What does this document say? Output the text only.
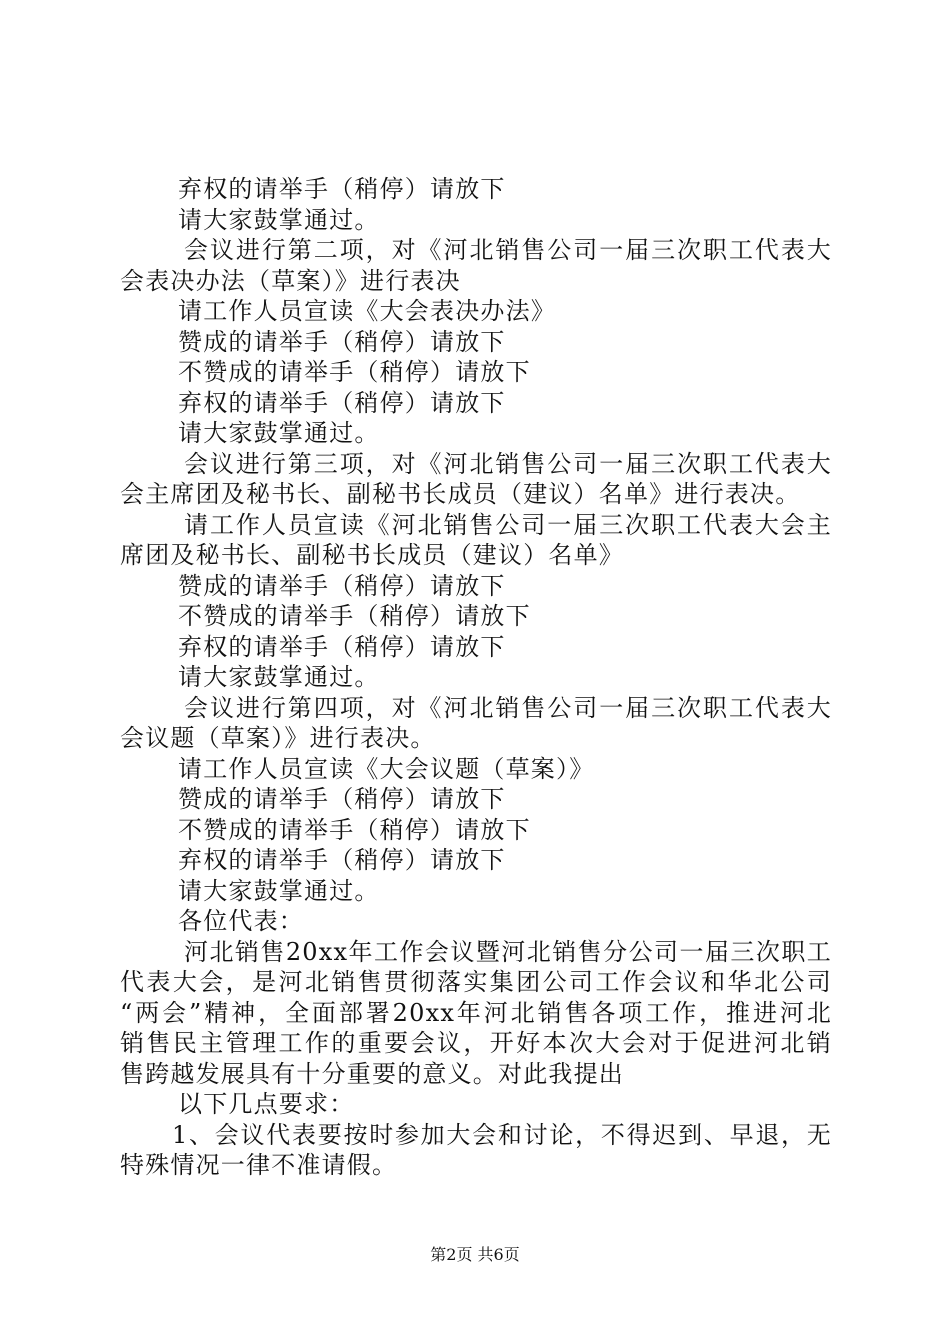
弃权的请举手（稍停）请放下
请大家鼓掌通过。
会议进行第二项，对《河北销售公司一届三次职工代表大
会表决办法（草案）》进行表决
请工作人员宣读《大会表决办法》
赞成的请举手（稍停）请放下
不赞成的请举手（稍停）请放下
弃权的请举手（稍停）请放下
请大家鼓掌通过。
会议进行第三项，对《河北销售公司一届三次职工代表大
会主席团及秘书长、副秘书长成员（建议）名单》进行表决。
请工作人员宣读《河北销售公司一届三次职工代表大会主
席团及秘书长、副秘书长成员（建议）名单》
赞成的请举手（稍停）请放下
不赞成的请举手（稍停）请放下
弃权的请举手（稍停）请放下
请大家鼓掌通过。
会议进行第四项，对《河北销售公司一届三次职工代表大
会议题（草案）》进行表决。
请工作人员宣读《大会议题（草案）》
赞成的请举手（稍停）请放下
不赞成的请举手（稍停）请放下
弃权的请举手（稍停）请放下
请大家鼓掌通过。
各位代表：
河北销售20xx年工作会议暨河北销售分公司一届三次职工
代表大会，是河北销售贯彻落实集团公司工作会议和华北公司
“两会”精神，全面部署20xx年河北销售各项工作，推进河北
销售民主管理工作的重要会议，开好本次大会对于促进河北销
售跨越发展具有十分重要的意义。对此我提出
以下几点要求：
1、会议代表要按时参加大会和讨论，不得迟到、早退，无
特殊情况一律不准请假。
第2页 共6页
